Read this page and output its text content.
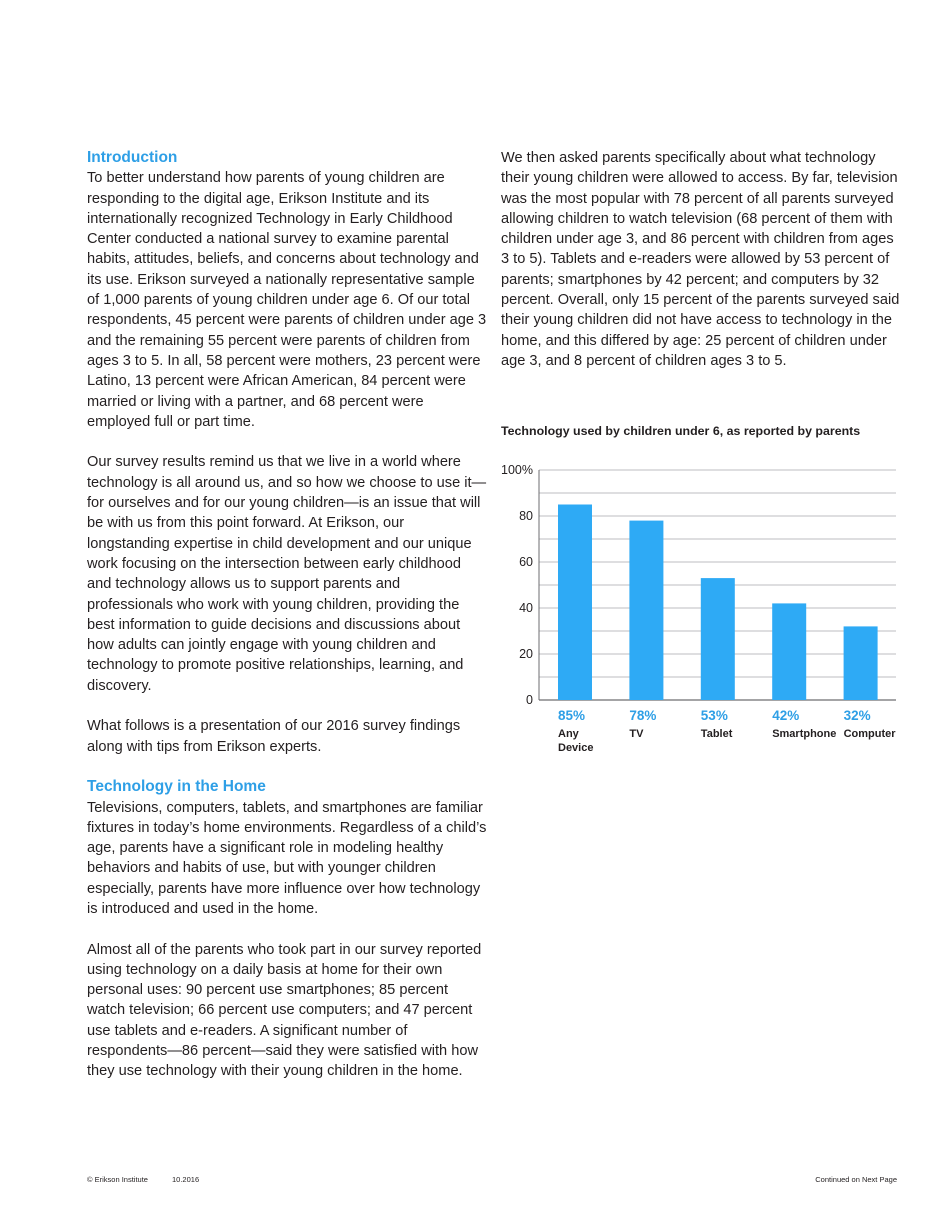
Introduction

To better understand how parents of young children are responding to the digital age, Erikson Institute and its internationally recognized Technology in Early Childhood Center conducted a national survey to examine parental habits, attitudes, beliefs, and concerns about technology and its use. Erikson surveyed a nationally representative sample of 1,000 parents of young children under age 6. Of our total respondents, 45 percent were parents of children under age 3 and the remaining 55 percent were parents of children from ages 3 to 5. In all, 58 percent were mothers, 23 percent were Latino, 13 percent were African American, 84 percent were married or living with a partner, and 68 percent were employed full or part time.

Our survey results remind us that we live in a world where technology is all around us, and so how we choose to use it—for ourselves and for our young children—is an issue that will be with us from this point forward. At Erikson, our longstanding expertise in child development and our unique work focusing on the intersection between early childhood and technology allows us to support parents and professionals who work with young children, providing the best information to guide decisions and discussions about how adults can jointly engage with young children and technology to promote positive relationships, learning, and discovery.

What follows is a presentation of our 2016 survey findings along with tips from Erikson experts.

Technology in the Home

Televisions, computers, tablets, and smartphones are familiar fixtures in today’s home environments. Regardless of a child’s age, parents have a significant role in modeling healthy behaviors and habits of use, but with younger children especially, parents have more influence over how technology is introduced and used in the home.

Almost all of the parents who took part in our survey reported using technology on a daily basis at home for their own personal uses: 90 percent use smartphones; 85 percent watch television; 66 percent use computers; and 47 percent use tablets and e-readers. A significant number of respondents—86 percent—said they were satisfied with how they use technology with their young children in the home.

We then asked parents specifically about what technology their young children were allowed to access. By far, television was the most popular with 78 percent of all parents surveyed allowing children to watch television (68 percent of them with children under age 3, and 86 percent with children from ages 3 to 5). Tablets and e-readers were allowed by 53 percent of parents; smartphones by 42 percent; and computers by 32 percent. Overall, only 15 percent of the parents surveyed said their young children did not have access to technology in the home, and this differed by age: 25 percent of children under age 3, and 8 percent of children ages 3 to 5.

Technology used by children under 6, as reported by parents
0
20
40
60
80
100%
85%
Any
Device
78%
TV
53%
Tablet
42%
Smartphone
32%
Computer
© Erikson Institute	10.2016	Continued on Next Page
